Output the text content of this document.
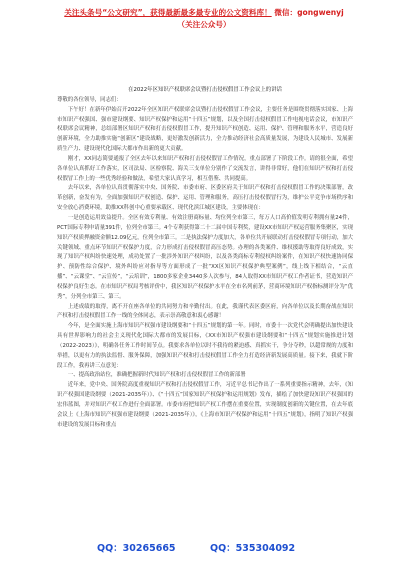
关注头条号“公文研究”，获得最新最多最专业的公文资料库！ 微信：gongwenyj
（关注公众号）

在2022年区知识产权联席会议暨打击侵权假冒工作会议上的讲话

尊敬的各位领导，同志们：

下午好！在新年伊始召开2022年全区知识产权联席会议暨打击侵权假冒工作会议，主要任务是围绕贯彻落实国家、上海市知识产权强国、强市建设纲要、知识产权保护和运用“十四五”规划，以及全国打击侵权假冒工作电视电话会议，市知识产权联席会议精神，总结部署区知识产权和打击侵权假冒工作，提升知识产权创造、运用、保护、管理和服务水平，营造良好创新环境，全力助推实施“创新区”建设战略，更好激发创新活力，全力推动经济社会高质量发展，为建设人民城市、发展新质生产力、建设现代化国际大都市作出新的更大贡献。

刚才，XX同志简要通报了全区去年以来知识产权和打击侵权假冒工作情况，重点部署了下阶段工作。请的很全面，希望各单位认真抓好工作落实，区司法局、区检察院、海关三支单位分别作了交流发言，讲得非常好，他们在知识产权和打击侵权假冒工作上的一些优秀经验和做法，希望大家认真学习，相互借鉴、共同提高。

去年以来，各单位认真贯彻落实中央、国务院、市委市府、区委区府关于知识产权和打击侵权假冒工作的决策部署，改革创新，奋发有为，全面加强知识产权创造、保护、运用、管理和服务，高压打击侵权假冒行为，维护公平竞争市场秩序和安全放心消费环境，助推XX科创中心重要承载区、现代化滨江城区建设，主要体现在：

一是创造运用效益提升。全区有效专利量、有效注册商标量、均位列全市第三，每万人口高价值发明专利拥有量24件，PCT国际专利申请量391件，位列全市第三。4个专利获得第二十二届中国专利奖，建设XX市知识产权运营服务集聚区，实现知识产权质押融资金额12.09亿元，位列全市第三。二是执法保护力度加大，各单位共开展联动打击侵权假冒专项行动，加大关键领域、重点环节知识产权保护力度，合力形成打击侵权假冒高压态势。办理的各类案件、维权援助等取得良好成效，实现了知识产权纠纷快速处理，成功处置了一批涉外知识产权纠纷，以及各类商标专利侵权纠纷案件，在知识产权快速协同保护、预防性综合保护、境外纠纷应对指导等方面形成了一批“XX区知识产权保护典型案例”，线上线下相结合，“云直播”、“云课堂”、“云宣传”，“云培训”，1800多家企业3440多人次参与，84人取得XX市知识产权工作者证书，营造知识产权保护良好生态。在市知识产权局考核评价中，我区知识产权保护水平在全市名列前茅，营商环境知识产权指标测评分为“优秀”，分列全市第三、第三。

上述成绩的取得，离不开在座各单位的共同努力和辛勤付出。在此，我谨代表区委区府，向各单位以及长期奋战在知识产权和打击侵权假冒工作一线的全体同志，表示崇高敬意和衷心感谢！

今年，是全面实施上海市知识产权强市建设纲要和“十四五”规划的第一年。同时，市委十一次党代会明确提出加快建设具有世界影响力的社会主义现代化国际大都市的发展目标，《XX市知识产权强市建设纲要和“十四五”规划实施推进计划（2022-2023）》，明确各任务工作时间节点。我要求各单位以时不我待的紧迫感、真抓实干，争分夺秒，以超常规的力度和举措，以更有力的执法监督、服务保障，加强知识产权和打击侵权假冒工作全力打造经济新发展高质量。接下来，我就下阶段工作，我再讲三点意见：

一、提高政治站位，准确把握新时代知识产权和打击侵权假冒工作的新部署

近年来，党中央、国务院高度重视知识产权和打击侵权假冒工作，习近平总书记作出了一系列重要指示精神，去年，《知识产权强国建设纲要（2021-2035年）》、《“十四五”国家知识产权保护和运用规划》发布，描绘了加快建设知识产权强国的宏伟蓝图，并对知识产权工作进行全面部署。市委市府把知识产权工作摆在重要位置，实现制度创新的关键位置，在去年底会议上《上海市知识产权强市建设纲要（2021-2035年）》，《上海市知识产权保护和运用“十四五”规划》，指明了知识产权强市建设的发展目标和重点

QQ：30265665	QQ：535304092
